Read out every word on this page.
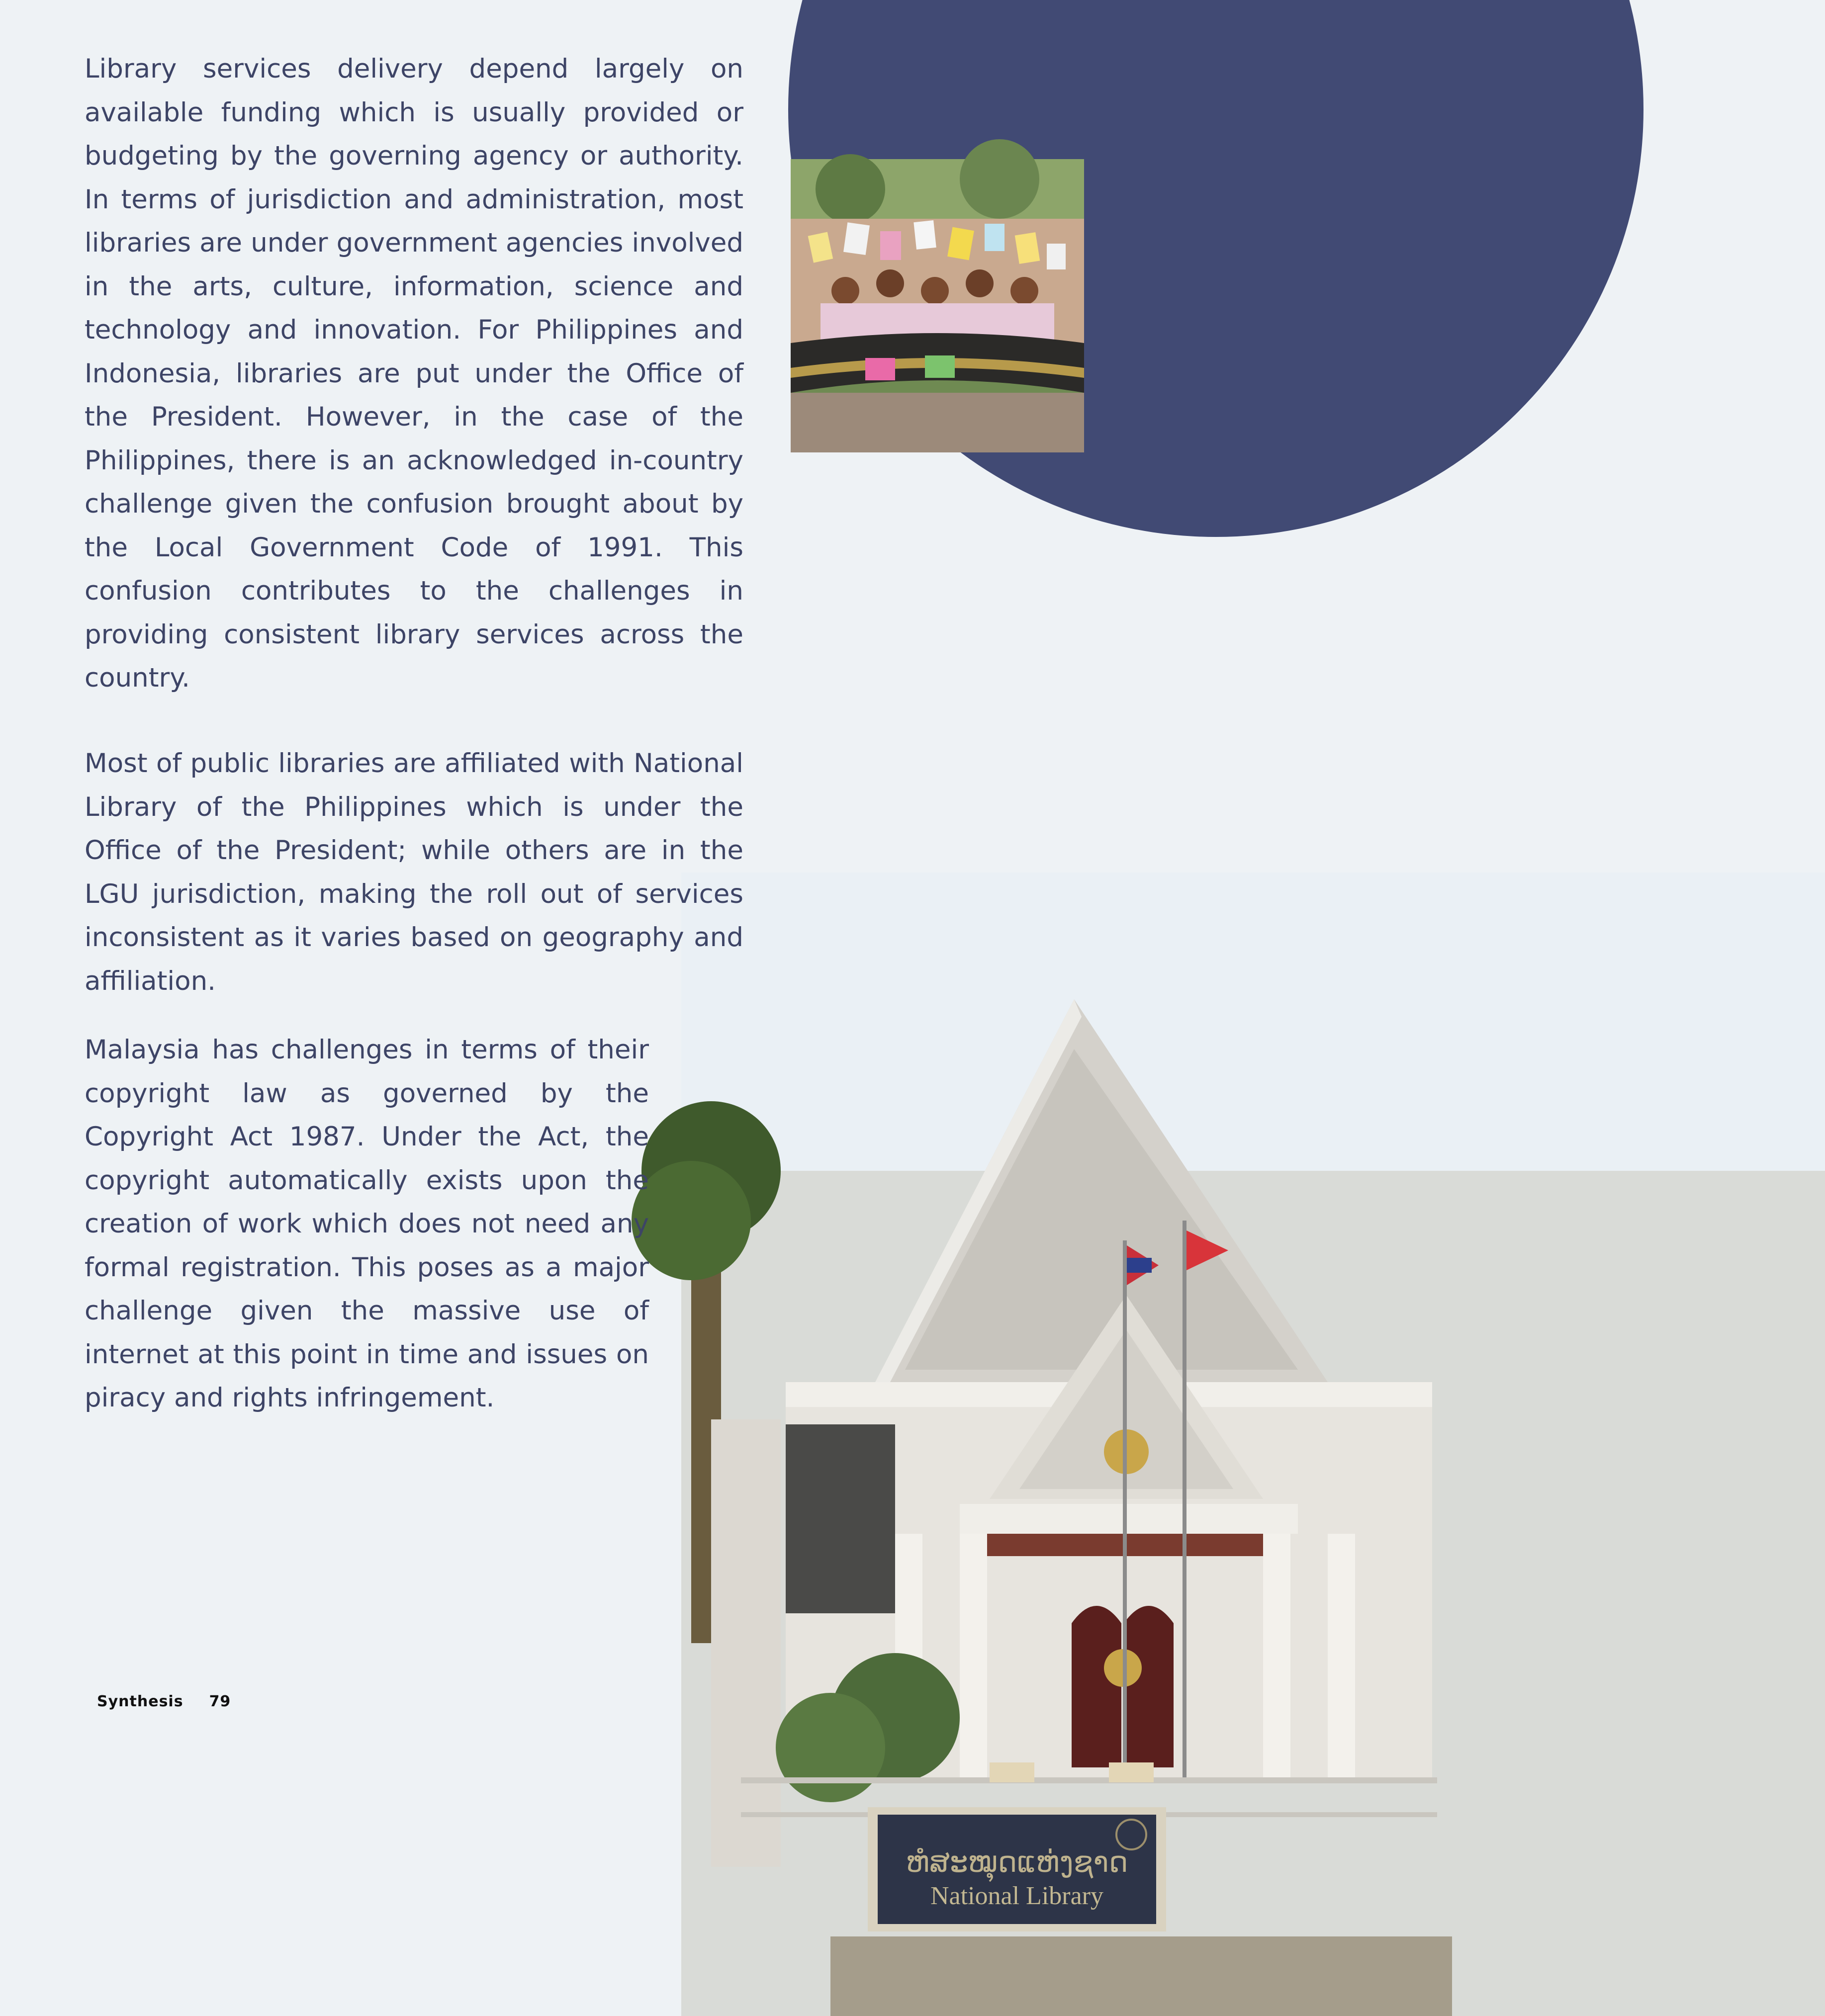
ຫໍສະໝຸດແຫ່ງຊາດ
National Library

Library services delivery depend largely on available funding which is usually provided or budgeting by the governing agency or authority. In terms of jurisdiction and administration, most libraries are under government agencies involved in the arts, culture, information, science and technology and innovation. For Philippines and Indonesia, libraries are put under the Office of the President. However, in the case of the Philippines, there is an acknowledged in-country challenge given the confusion brought about by the Local Government Code of 1991. This confusion contributes to the challenges in providing consistent library services across the country.

Most of public libraries are affiliated with National Library of the Philippines which is under the Office of the President; while others are in the LGU jurisdiction, making the roll out of services inconsistent as it varies based on geography and affiliation.

Malaysia has challenges in terms of their copyright law as governed by the Copyright Act 1987. Under the Act, the copyright automatically exists upon the creation of work which does not need any formal registration. This poses as a major challenge given the massive use of internet at this point in time and issues on piracy and rights infringement.

Synthesis 79
